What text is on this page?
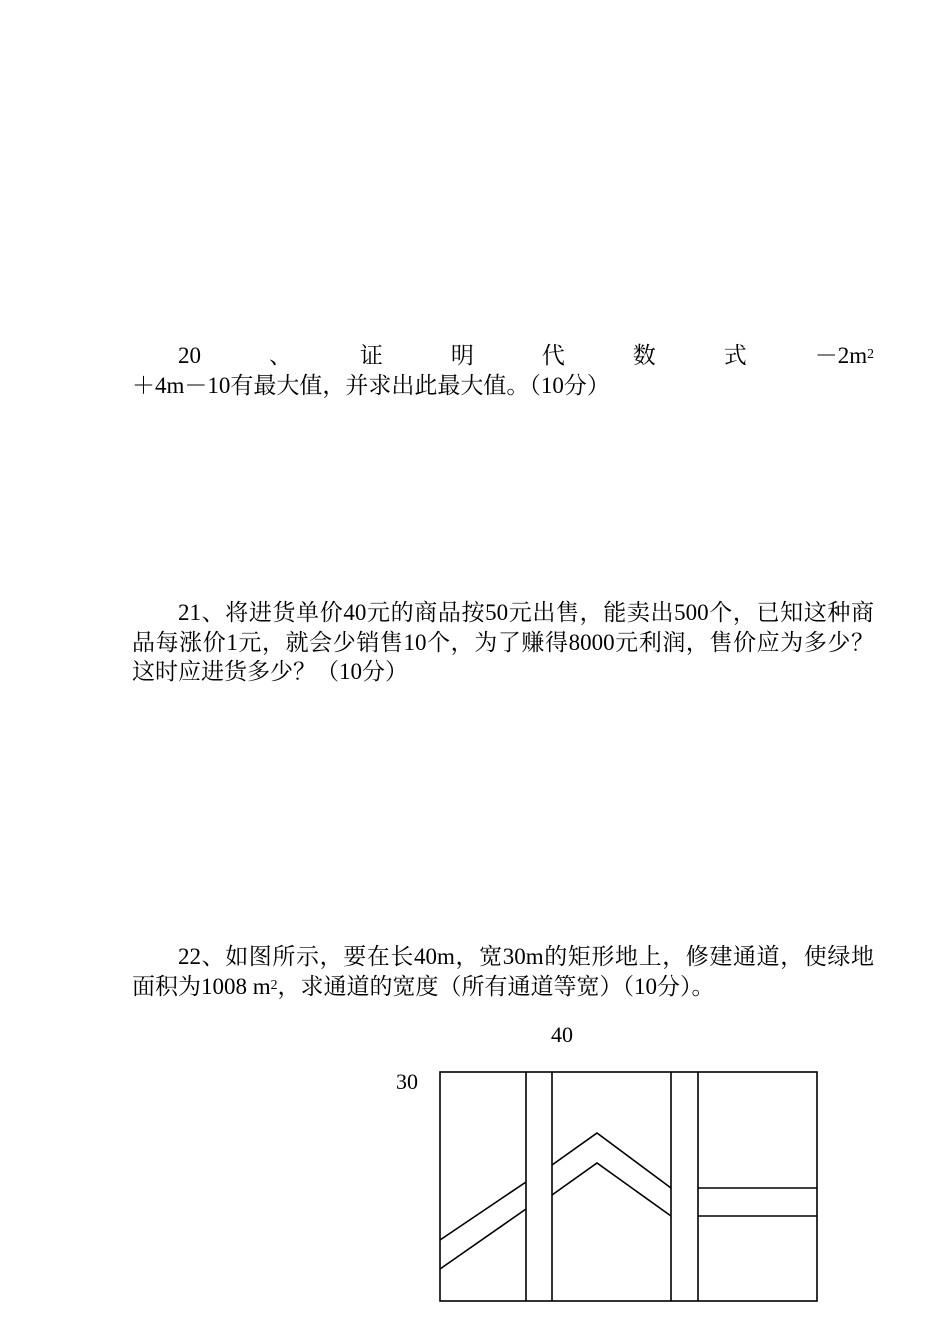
20、证明代数式$-2m^2+4m-10$有最大值，并求出此最大值。（10分）

21、将进货单价40元的商品按50元出售，能卖出500个，已知这种商品每涨价1元，就会少销售10个，为了赚得8000元利润，售价应为多少？这时应进货多少？（10分）

22、如图所示，要在长40m，宽30m的矩形地上，修建通道，使绿地面积为1008 $m^2$，求通道的宽度（所有通道等宽）（10分）。

40
30
